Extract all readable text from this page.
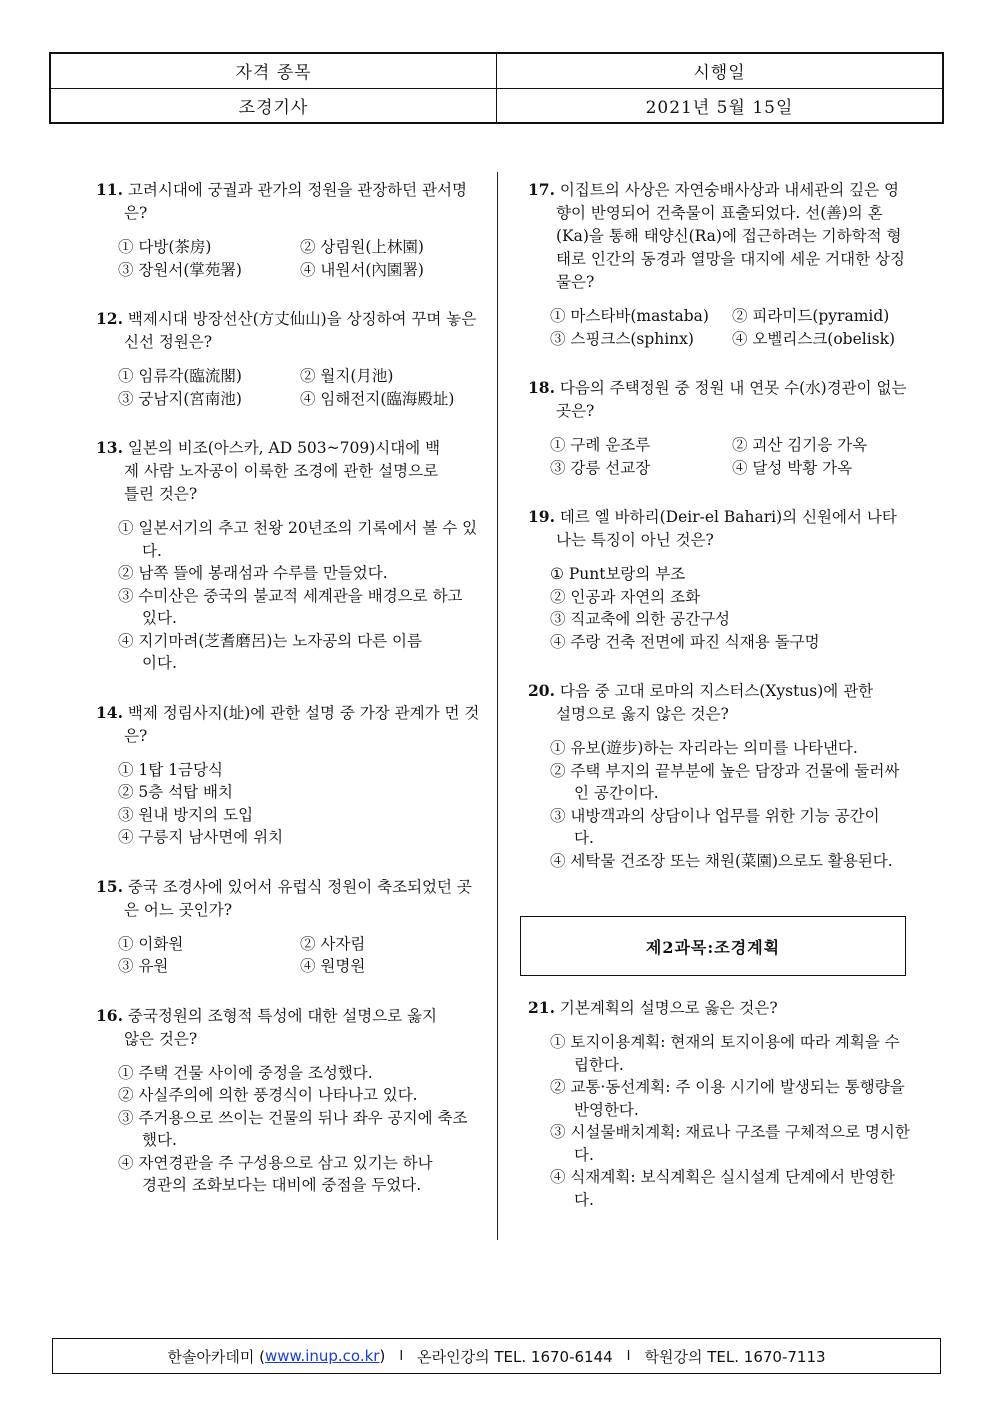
자격 종목	시행일
조경기사	2021년 5월 15일
11. 고려시대에 궁궐과 관가의 정원을 관장하던 관서명은?
① 다방(茶房)	② 상림원(上林園)
③ 장원서(掌苑署)	④ 내원서(內園署)
12. 백제시대 방장선산(方丈仙山)을 상징하여 꾸며 놓은 신선 정원은?
① 임류각(臨流閣)	② 월지(月池)
③ 궁남지(宮南池)	④ 임해전지(臨海殿址)
13. 일본의 비조(아스카, AD 503~709)시대에 백제 사람 노자공이 이룩한 조경에 관한 설명으로 틀린 것은?
① 일본서기의 추고 천왕 20년조의 기록에서 볼 수 있다.
② 남쪽 뜰에 봉래섬과 수루를 만들었다.
③ 수미산은 중국의 불교적 세계관을 배경으로 하고 있다.
④ 지기마려(芝耆磨呂)는 노자공의 다른 이름이다.
14. 백제 정림사지(址)에 관한 설명 중 가장 관계가 먼 것은?
① 1탑 1금당식
② 5층 석탑 배치
③ 원내 방지의 도입
④ 구릉지 남사면에 위치
15. 중국 조경사에 있어서 유럽식 정원이 축조되었던 곳은 어느 곳인가?
① 이화원	② 사자림
③ 유원	④ 원명원
16. 중국정원의 조형적 특성에 대한 설명으로 옳지 않은 것은?
① 주택 건물 사이에 중정을 조성했다.
② 사실주의에 의한 풍경식이 나타나고 있다.
③ 주거용으로 쓰이는 건물의 뒤나 좌우 공지에 축조했다.
④ 자연경관을 주 구성용으로 삼고 있기는 하나 경관의 조화보다는 대비에 중점을 두었다.
17. 이집트의 사상은 자연숭배사상과 내세관의 깊은 영향이 반영되어 건축물이 표출되었다. 선(善)의 혼(Ka)을 통해 태양신(Ra)에 접근하려는 기하학적 형태로 인간의 동경과 열망을 대지에 세운 거대한 상징물은?
① 마스타바(mastaba)	② 피라미드(pyramid)
③ 스핑크스(sphinx)	④ 오벨리스크(obelisk)
18. 다음의 주택정원 중 정원 내 연못 수(水)경관이 없는 곳은?
① 구례 운조루	② 괴산 김기응 가옥
③ 강릉 선교장	④ 달성 박황 가옥
19. 데르 엘 바하리(Deir-el Bahari)의 신원에서 나타나는 특징이 아닌 것은?
① Punt보랑의 부조
② 인공과 자연의 조화
③ 직교축에 의한 공간구성
④ 주랑 건축 전면에 파진 식재용 돌구멍
20. 다음 중 고대 로마의 지스터스(Xystus)에 관한 설명으로 옳지 않은 것은?
① 유보(遊步)하는 자리라는 의미를 나타낸다.
② 주택 부지의 끝부분에 높은 담장과 건물에 둘러싸인 공간이다.
③ 내방객과의 상담이나 업무를 위한 기능 공간이다.
④ 세탁물 건조장 또는 채원(菜園)으로도 활용된다.
제2과목:조경계획
21. 기본계획의 설명으로 옳은 것은?
① 토지이용계획: 현재의 토지이용에 따라 계획을 수립한다.
② 교통·동선계획: 주 이용 시기에 발생되는 통행량을 반영한다.
③ 시설물배치계획: 재료나 구조를 구체적으로 명시한다.
④ 식재계획: 보식계획은 실시설계 단계에서 반영한다.
한솔아카데미 ( www.inup.co.kr ) I 온라인강의 TEL. 1670-6144 I 학원강의 TEL. 1670-7113
